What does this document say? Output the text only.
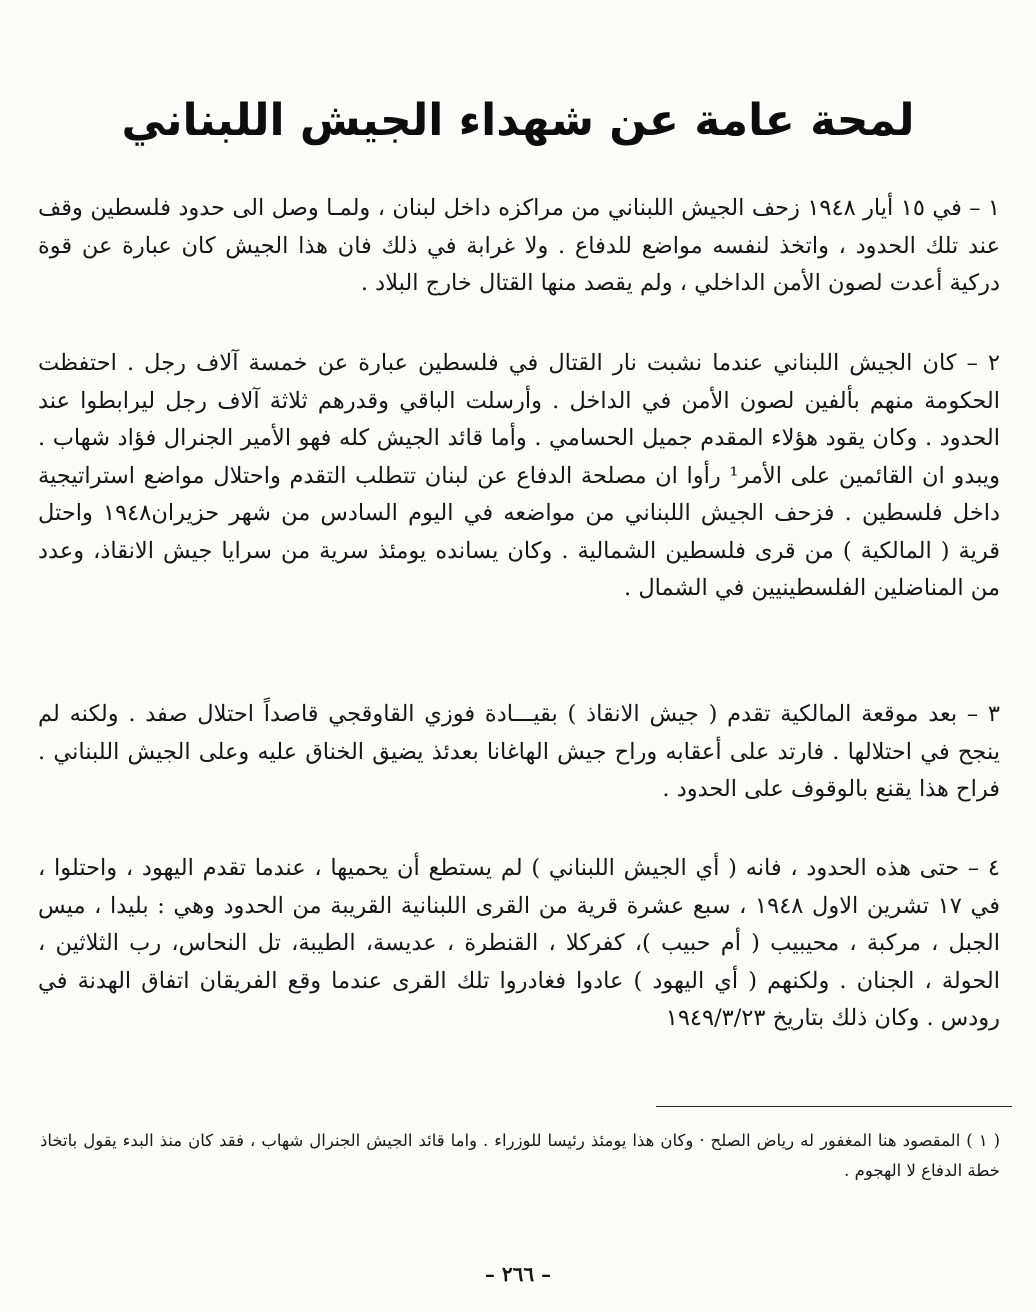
لمحة عامة عن شهداء الجيش اللبناني

١ – في ١٥ أيار ١٩٤٨ زحف الجيش اللبناني من مراكزه داخل لبنان ، ولمـا وصل الى حدود فلسطين وقف عند تلك الحدود ، واتخذ لنفسه مواضع للدفاع . ولا غرابة في ذلك فان هذا الجيش كان عبارة عن قوة دركية أعدت لصون الأمن الداخلي ، ولم يقصد منها القتال خارج البلاد .

٢ – كان الجيش اللبناني عندما نشبت نار القتال في فلسطين عبارة عن خمسة آلاف رجل . احتفظت الحكومة منهم بألفين لصون الأمن في الداخل . وأرسلت الباقي وقدرهم ثلاثة آلاف رجل ليرابطوا عند الحدود . وكان يقود هؤلاء المقدم جميل الحسامي . وأما قائد الجيش كله فهو الأمير الجنرال فؤاد شهاب . ويبدو ان القائمين على الأمر¹ رأوا ان مصلحة الدفاع عن لبنان تتطلب التقدم واحتلال مواضع استراتيجية داخل فلسطين . فزحف الجيش اللبناني من مواضعه في اليوم السادس من شهر حزيران١٩٤٨ واحتل قرية ( المالكية ) من قرى فلسطين الشمالية . وكان يسانده يومئذ سرية من سرايا جيش الانقاذ، وعدد من المناضلين الفلسطينيين في الشمال .

٣ – بعد موقعة المالكية تقدم ( جيش الانقاذ ) بقيـــادة فوزي القاوقجي قاصداً احتلال صفد . ولكنه لم ينجح في احتلالها . فارتد على أعقابه وراح جيش الهاغانا بعدئذ يضيق الخناق عليه وعلى الجيش اللبناني . فراح هذا يقنع بالوقوف على الحدود .

٤ – حتى هذه الحدود ، فانه ( أي الجيش اللبناني ) لم يستطع أن يحميها ، عندما تقدم اليهود ، واحتلوا ، في ١٧ تشرين الاول ١٩٤٨ ، سبع عشرة قرية من القرى اللبنانية القريبة من الحدود وهي : بليدا ، ميس الجبل ، مركبة ، محيبيب ( أم حبيب )، كفركلا ، القنطرة ، عديسة، الطيبة، تل النحاس، رب الثلاثين ، الحولة ، الجنان . ولكنهم ( أي اليهود ) عادوا فغادروا تلك القرى عندما وقع الفريقان اتفاق الهدنة في رودس . وكان ذلك بتاريخ ١٩٤٩/٣/٢٣

( ١ ) المقصود هنا المغفور له رياض الصلح · وكان هذا يومئذ رئيسا للوزراء . واما قائد الجيش الجنرال شهاب ، فقد كان منذ البدء يقول باتخاذ خطة الدفاع لا الهجوم .

– ٢٦٦ –
